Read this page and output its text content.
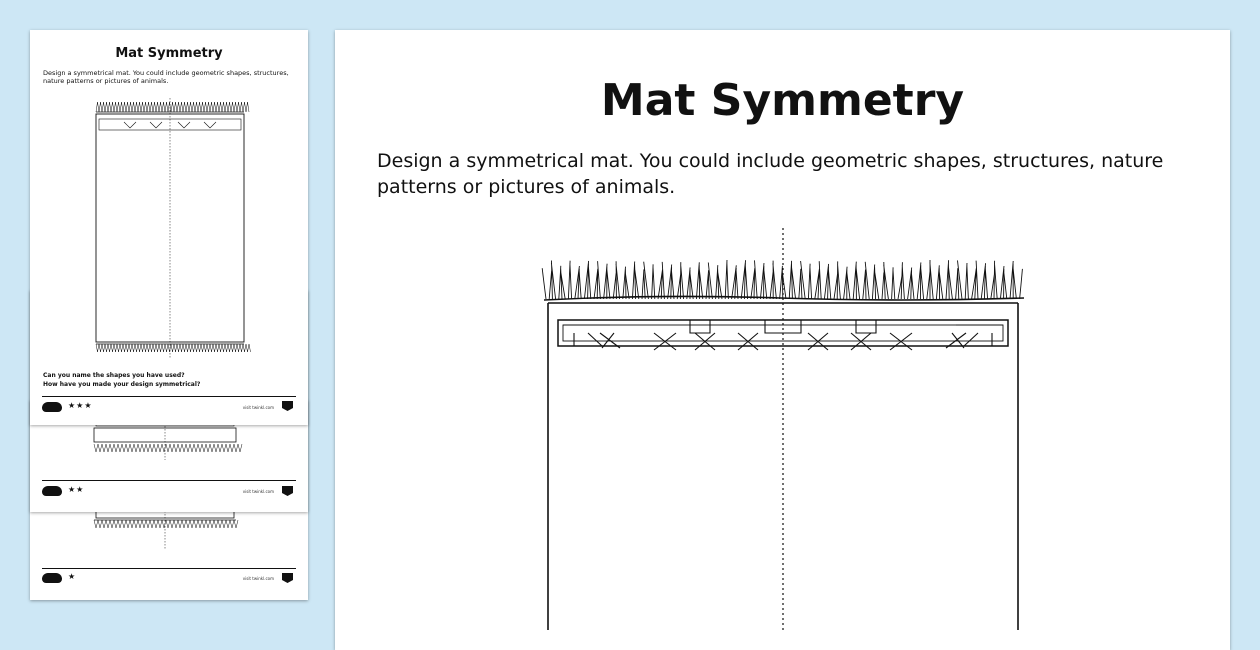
★	visit twinkl.com
★★	visit twinkl.com
Mat Symmetry
Design a symmetrical mat. You could include geometric shapes, structures, nature patterns or pictures of animals.
Can you name the shapes you have used?
How have you made your design symmetrical?
★★★	visit twinkl.com
Mat Symmetry
Design a symmetrical mat. You could include geometric shapes, structures, nature patterns or pictures of animals.
